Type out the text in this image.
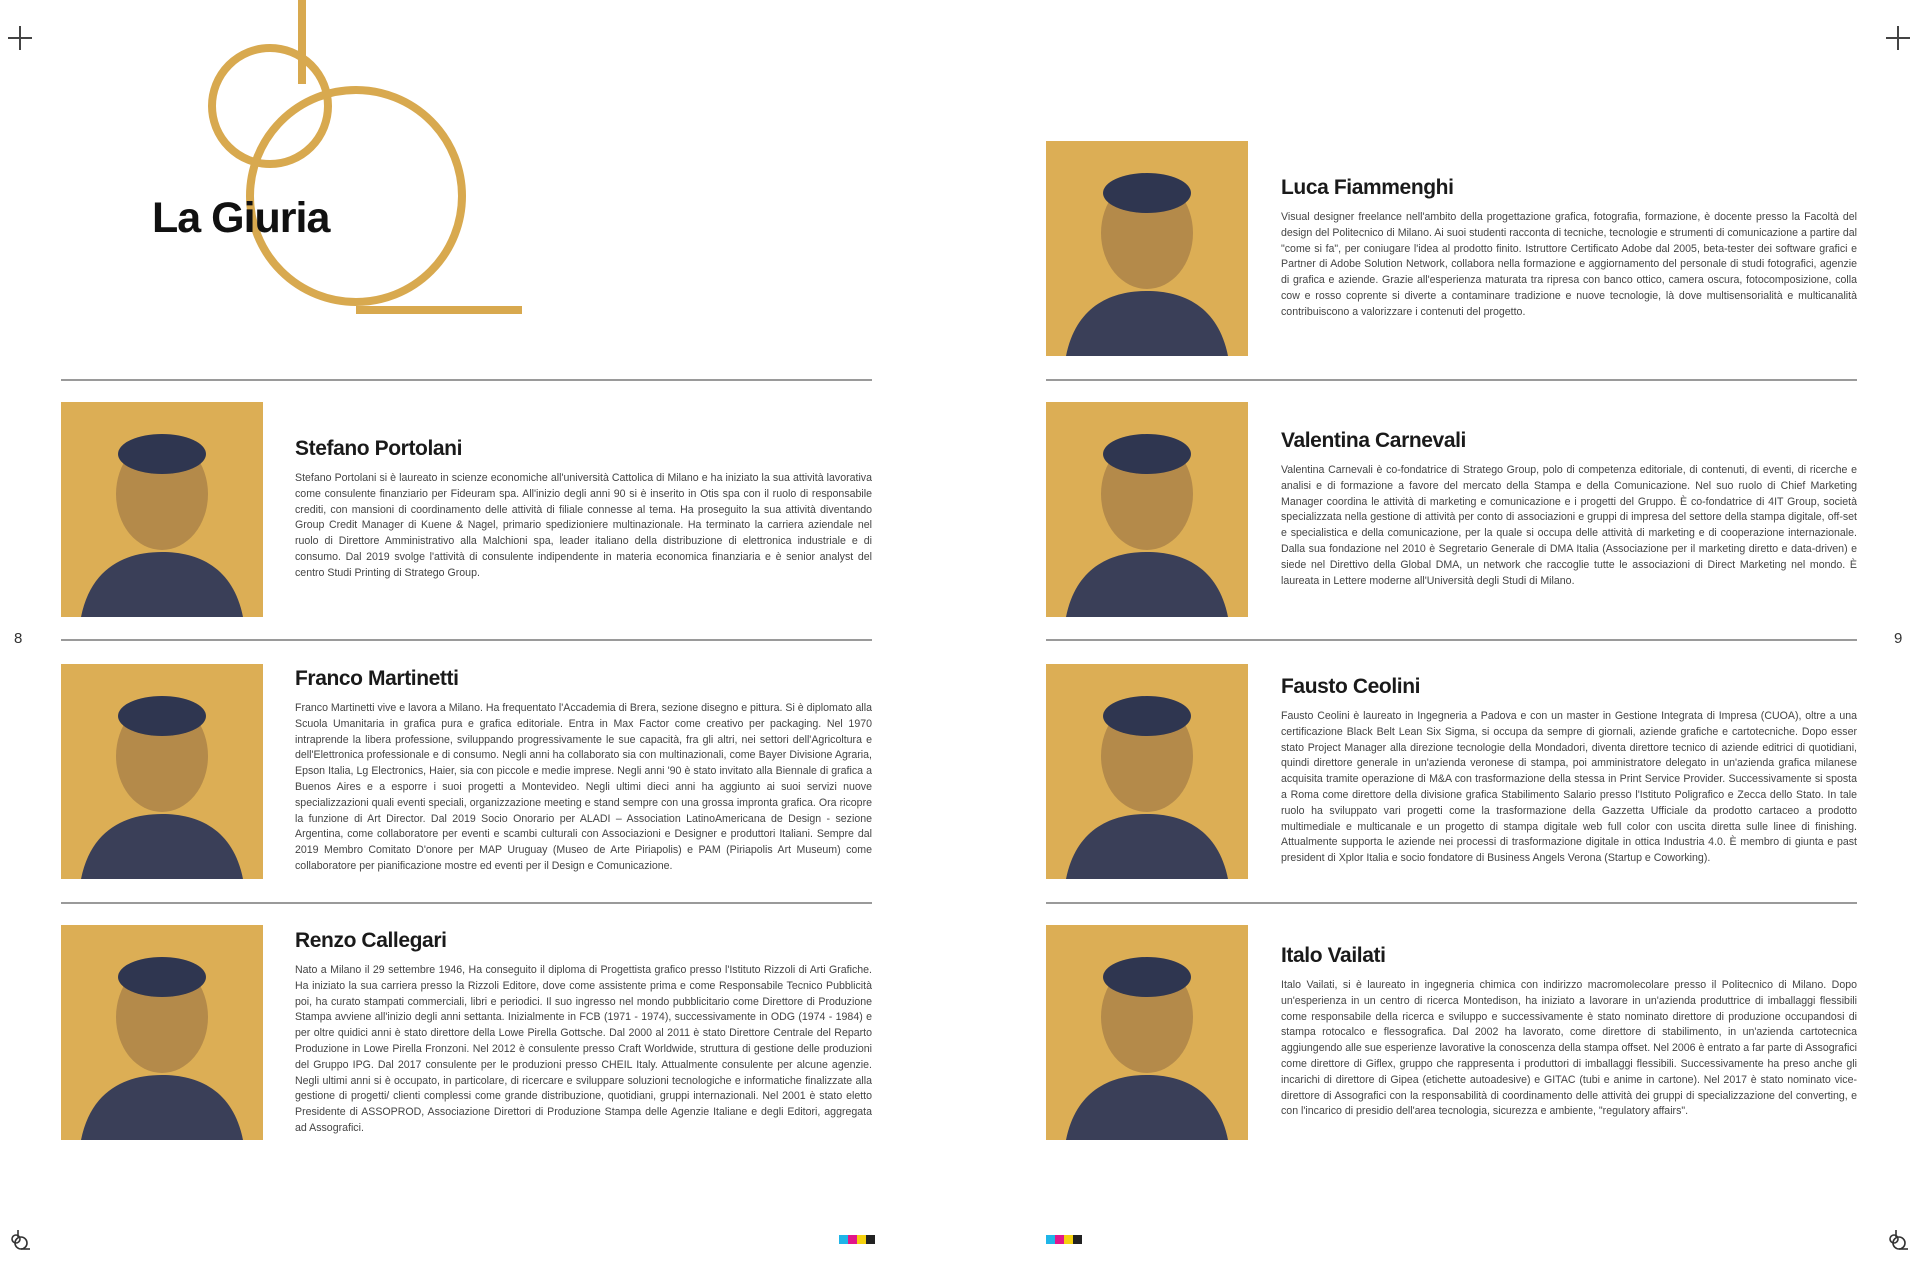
8	9
La Giuria
Luca Fiammenghi

Visual designer freelance nell'ambito della progettazione grafica, fotografia, formazione, è docente presso la Facoltà del design del Politecnico di Milano. Ai suoi studenti racconta di tecniche, tecnologie e strumenti di comunicazione a partire dal "come si fa", per coniugare l'idea al prodotto finito. Istruttore Certificato Adobe dal 2005, beta-tester dei software grafici e Partner di Adobe Solution Network, collabora nella formazione e aggiornamento del personale di studi fotografici, agenzie di grafica e aziende. Grazie all'esperienza maturata tra ripresa con banco ottico, camera oscura, fotocomposizione, colla cow e rosso coprente si diverte a contaminare tradizione e nuove tecnologie, là dove multisensorialità e multicanalità contribuiscono a valorizzare i contenuti del progetto.

Stefano Portolani

Stefano Portolani si è laureato in scienze economiche all'università Cattolica di Milano e ha iniziato la sua attività lavorativa come consulente finanziario per Fideuram spa. All'inizio degli anni 90 si è inserito in Otis spa con il ruolo di responsabile crediti, con mansioni di coordinamento delle attività di filiale connesse al tema. Ha proseguito la sua attività diventando Group Credit Manager di Kuene & Nagel, primario spedizioniere multinazionale. Ha terminato la carriera aziendale nel ruolo di Direttore Amministrativo alla Malchioni spa, leader italiano della distribuzione di elettronica industriale e di consumo. Dal 2019 svolge l'attività di consulente indipendente in materia economica finanziaria e è senior analyst del centro Studi Printing di Stratego Group.

Valentina Carnevali

Valentina Carnevali è co-fondatrice di Stratego Group, polo di competenza editoriale, di contenuti, di eventi, di ricerche e analisi e di formazione a favore del mercato della Stampa e della Comunicazione. Nel suo ruolo di Chief Marketing Manager coordina le attività di marketing e comunicazione e i progetti del Gruppo. È co-fondatrice di 4IT Group, società specializzata nella gestione di attività per conto di associazioni e gruppi di impresa del settore della stampa digitale, off-set e specialistica e della comunicazione, per la quale si occupa delle attività di marketing e di cooperazione internazionale. Dalla sua fondazione nel 2010 è Segretario Generale di DMA Italia (Associazione per il marketing diretto e data-driven) e siede nel Direttivo della Global DMA, un network che raccoglie tutte le associazioni di Direct Marketing nel mondo. È laureata in Lettere moderne all'Università degli Studi di Milano.

Franco Martinetti

Franco Martinetti vive e lavora a Milano. Ha frequentato l'Accademia di Brera, sezione disegno e pittura. Si è diplomato alla Scuola Umanitaria in grafica pura e grafica editoriale. Entra in Max Factor come creativo per packaging. Nel 1970 intraprende la libera professione, sviluppando progressivamente le sue capacità, fra gli altri, nei settori dell'Agricoltura e dell'Elettronica professionale e di consumo. Negli anni ha collaborato sia con multinazionali, come Bayer Divisione Agraria, Epson Italia, Lg Electronics, Haier, sia con piccole e medie imprese. Negli anni '90 è stato invitato alla Biennale di grafica a Buenos Aires e a esporre i suoi progetti a Montevideo. Negli ultimi dieci anni ha aggiunto ai suoi servizi nuove specializzazioni quali eventi speciali, organizzazione meeting e stand sempre con una grossa impronta grafica. Ora ricopre la funzione di Art Director. Dal 2019 Socio Onorario per ALADI – Association LatinoAmericana de Design - sezione Argentina, come collaboratore per eventi e scambi culturali con Associazioni e Designer e produttori Italiani. Sempre dal 2019 Membro Comitato D'onore per MAP Uruguay (Museo de Arte Piriapolis) e PAM (Piriapolis Art Museum) come collaboratore per pianificazione mostre ed eventi per il Design e Comunicazione.

Fausto Ceolini

Fausto Ceolini è laureato in Ingegneria a Padova e con un master in Gestione Integrata di Impresa (CUOA), oltre a una certificazione Black Belt Lean Six Sigma, si occupa da sempre di giornali, aziende grafiche e cartotecniche. Dopo esser stato Project Manager alla direzione tecnologie della Mondadori, diventa direttore tecnico di aziende editrici di quotidiani, quindi direttore generale in un'azienda veronese di stampa, poi amministratore delegato in un'azienda grafica milanese acquisita tramite operazione di M&A con trasformazione della stessa in Print Service Provider. Successivamente si sposta a Roma come direttore della divisione grafica Stabilimento Salario presso l'Istituto Poligrafico e Zecca dello Stato. In tale ruolo ha sviluppato vari progetti come la trasformazione della Gazzetta Ufficiale da prodotto cartaceo a prodotto multimediale e multicanale e un progetto di stampa digitale web full color con uscita diretta sulle linee di finishing. Attualmente supporta le aziende nei processi di trasformazione digitale in ottica Industria 4.0. È membro di giunta e past president di Xplor Italia e socio fondatore di Business Angels Verona (Startup e Coworking).

Renzo Callegari

Nato a Milano il 29 settembre 1946, Ha conseguito il diploma di Progettista grafico presso l'Istituto Rizzoli di Arti Grafiche. Ha iniziato la sua carriera presso la Rizzoli Editore, dove come assistente prima e come Responsabile Tecnico Pubblicità poi, ha curato stampati commerciali, libri e periodici. Il suo ingresso nel mondo pubblicitario come Direttore di Produzione Stampa avviene all'inizio degli anni settanta. Inizialmente in FCB (1971 - 1974), successivamente in ODG (1974 - 1984) e per oltre quidici anni è stato direttore della Lowe Pirella Gottsche. Dal 2000 al 2011 è stato Direttore Centrale del Reparto Produzione in Lowe Pirella Fronzoni. Nel 2012 è consulente presso Craft Worldwide, struttura di gestione delle produzioni del Gruppo IPG. Dal 2017 consulente per le produzioni presso CHEIL Italy. Attualmente consulente per alcune agenzie. Negli ultimi anni si è occupato, in particolare, di ricercare e sviluppare soluzioni tecnologiche e informatiche finalizzate alla gestione di progetti/ clienti complessi come grande distribuzione, quotidiani, gruppi internazionali. Nel 2001 è stato eletto Presidente di ASSOPROD, Associazione Direttori di Produzione Stampa delle Agenzie Italiane e degli Editori, aggregata ad Assografici.

Italo Vailati

Italo Vailati, si è laureato in ingegneria chimica con indirizzo macromolecolare presso il Politecnico di Milano. Dopo un'esperienza in un centro di ricerca Montedison, ha iniziato a lavorare in un'azienda produttrice di imballaggi flessibili come responsabile della ricerca e sviluppo e successivamente è stato nominato direttore di produzione occupandosi di stampa rotocalco e flessografica. Dal 2002 ha lavorato, come direttore di stabilimento, in un'azienda cartotecnica aggiungendo alle sue esperienze lavorative la conoscenza della stampa offset. Nel 2006 è entrato a far parte di Assografici come direttore di Giflex, gruppo che rappresenta i produttori di imballaggi flessibili. Successivamente ha preso anche gli incarichi di direttore di Gipea (etichette autoadesive) e GITAC (tubi e anime in cartone). Nel 2017 è stato nominato vice-direttore di Assografici con la responsabilità di coordinamento delle attività dei gruppi di specializzazione del converting, e con l'incarico di presidio dell'area tecnologia, sicurezza e ambiente, "regulatory affairs".
